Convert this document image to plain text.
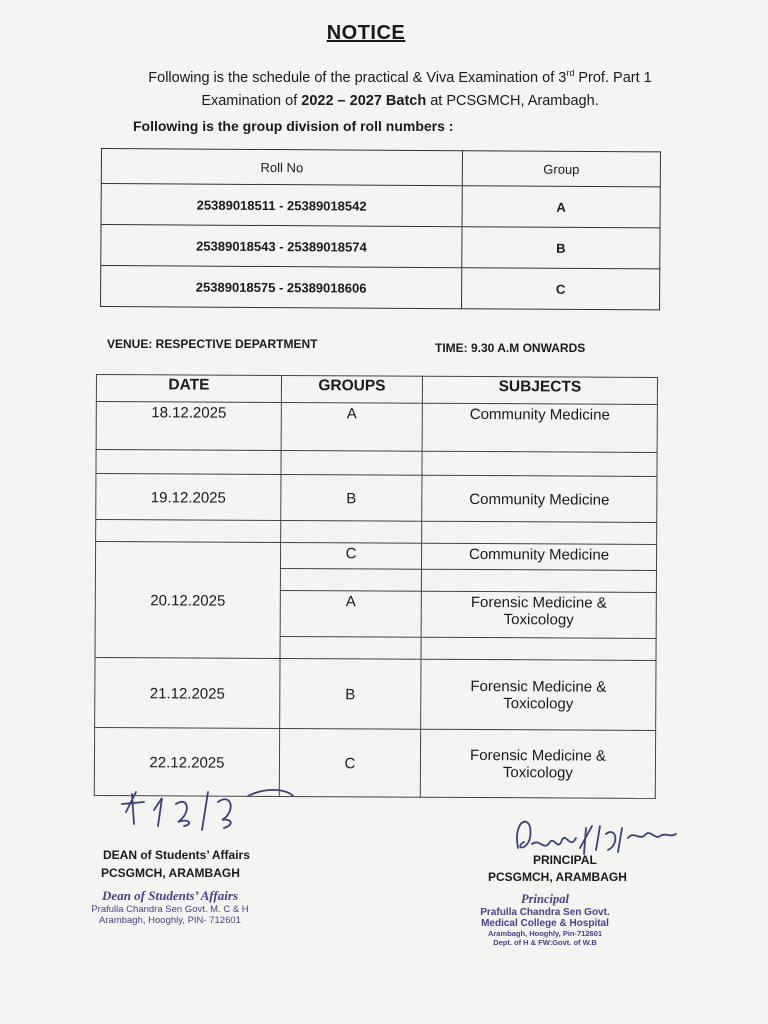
NOTICE
Following is the schedule of the practical & Viva Examination of 3rd Prof. Part 1
Examination of 2022 – 2027 Batch at PCSGMCH, Arambagh.
Following is the group division of roll numbers :
Roll No	Group
25389018511 - 25389018542	A
25389018543 - 25389018574	B
25389018575 - 25389018606	C
VENUE: RESPECTIVE DEPARTMENT	TIME: 9.30 A.M ONWARDS
DATE	GROUPS	SUBJECTS
18.12.2025	A	Community Medicine

19.12.2025	B	Community Medicine

20.12.2025	C	Community Medicine

	A	Forensic Medicine &
Toxicology

21.12.2025	B	Forensic Medicine &
Toxicology

22.12.2025	C	Forensic Medicine &
Toxicology
DEAN of Students’ Affairs
PCSGMCH, ARAMBAGH
Dean of Students’ Affairs
Prafulla Chandra Sen Govt. M. C & H
Arambagh, Hooghly, PIN- 712601
PRINCIPAL
PCSGMCH, ARAMBAGH
Principal
Prafulla Chandra Sen Govt.
Medical College & Hospital
Arambagh, Hooghly, Pin-712601
Dept. of H & FW:Govt. of W.B
